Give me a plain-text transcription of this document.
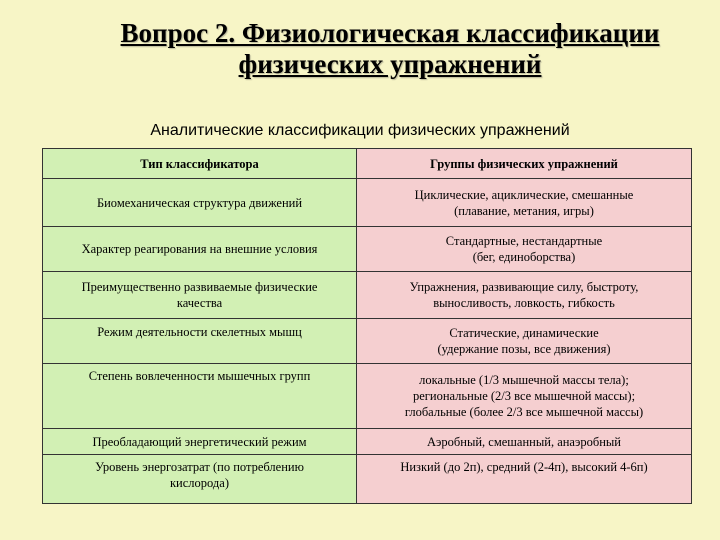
Вопрос 2. Физиологическая классификации
физических упражнений
Аналитические классификации физических упражнений
Тип классификатора	Группы физических упражнений
Биомеханическая структура движений	Циклические, ациклические, смешанные
(плавание, метания, игры)
Характер реагирования на внешние условия	Стандартные, нестандартные
(бег, единоборства)
Преимущественно развиваемые физические
качества	Упражнения, развивающие силу, быстроту,
выносливость, ловкость, гибкость
Режим деятельности скелетных мышц	Статические, динамические
(удержание позы, все движения)
Степень вовлеченности мышечных групп	локальные (1/3 мышечной массы тела);
региональные (2/3 все мышечной массы);
глобальные (более 2/3 все мышечной массы)
Преобладающий энергетический режим	Аэробный, смешанный, анаэробный
Уровень энергозатрат (по потреблению
кислорода)	Низкий (до 2п), средний (2-4п), высокий 4-6п)
